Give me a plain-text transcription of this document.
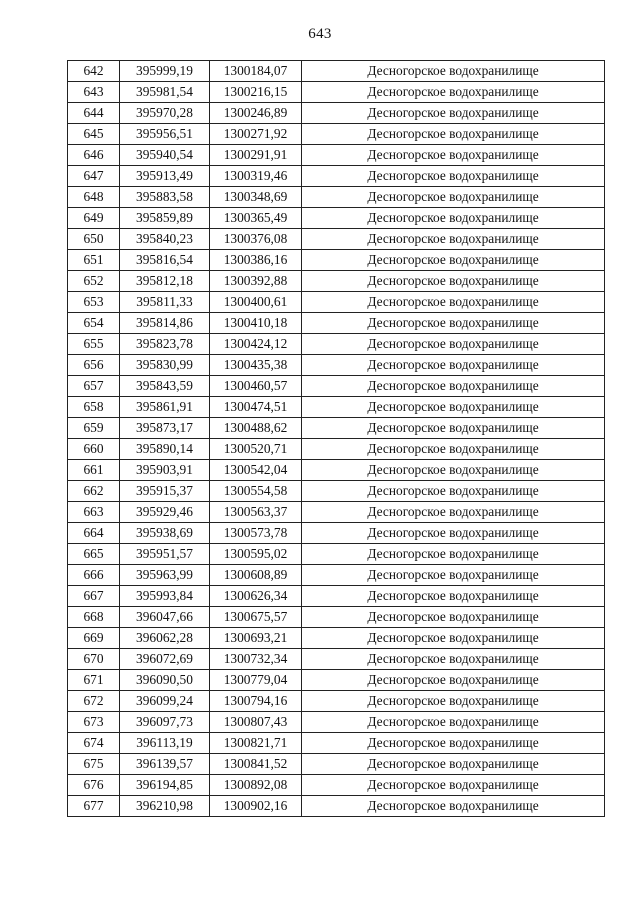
643
642	395999,19	1300184,07	Десногорское водохранилище
643	395981,54	1300216,15	Десногорское водохранилище
644	395970,28	1300246,89	Десногорское водохранилище
645	395956,51	1300271,92	Десногорское водохранилище
646	395940,54	1300291,91	Десногорское водохранилище
647	395913,49	1300319,46	Десногорское водохранилище
648	395883,58	1300348,69	Десногорское водохранилище
649	395859,89	1300365,49	Десногорское водохранилище
650	395840,23	1300376,08	Десногорское водохранилище
651	395816,54	1300386,16	Десногорское водохранилище
652	395812,18	1300392,88	Десногорское водохранилище
653	395811,33	1300400,61	Десногорское водохранилище
654	395814,86	1300410,18	Десногорское водохранилище
655	395823,78	1300424,12	Десногорское водохранилище
656	395830,99	1300435,38	Десногорское водохранилище
657	395843,59	1300460,57	Десногорское водохранилище
658	395861,91	1300474,51	Десногорское водохранилище
659	395873,17	1300488,62	Десногорское водохранилище
660	395890,14	1300520,71	Десногорское водохранилище
661	395903,91	1300542,04	Десногорское водохранилище
662	395915,37	1300554,58	Десногорское водохранилище
663	395929,46	1300563,37	Десногорское водохранилище
664	395938,69	1300573,78	Десногорское водохранилище
665	395951,57	1300595,02	Десногорское водохранилище
666	395963,99	1300608,89	Десногорское водохранилище
667	395993,84	1300626,34	Десногорское водохранилище
668	396047,66	1300675,57	Десногорское водохранилище
669	396062,28	1300693,21	Десногорское водохранилище
670	396072,69	1300732,34	Десногорское водохранилище
671	396090,50	1300779,04	Десногорское водохранилище
672	396099,24	1300794,16	Десногорское водохранилище
673	396097,73	1300807,43	Десногорское водохранилище
674	396113,19	1300821,71	Десногорское водохранилище
675	396139,57	1300841,52	Десногорское водохранилище
676	396194,85	1300892,08	Десногорское водохранилище
677	396210,98	1300902,16	Десногорское водохранилище
